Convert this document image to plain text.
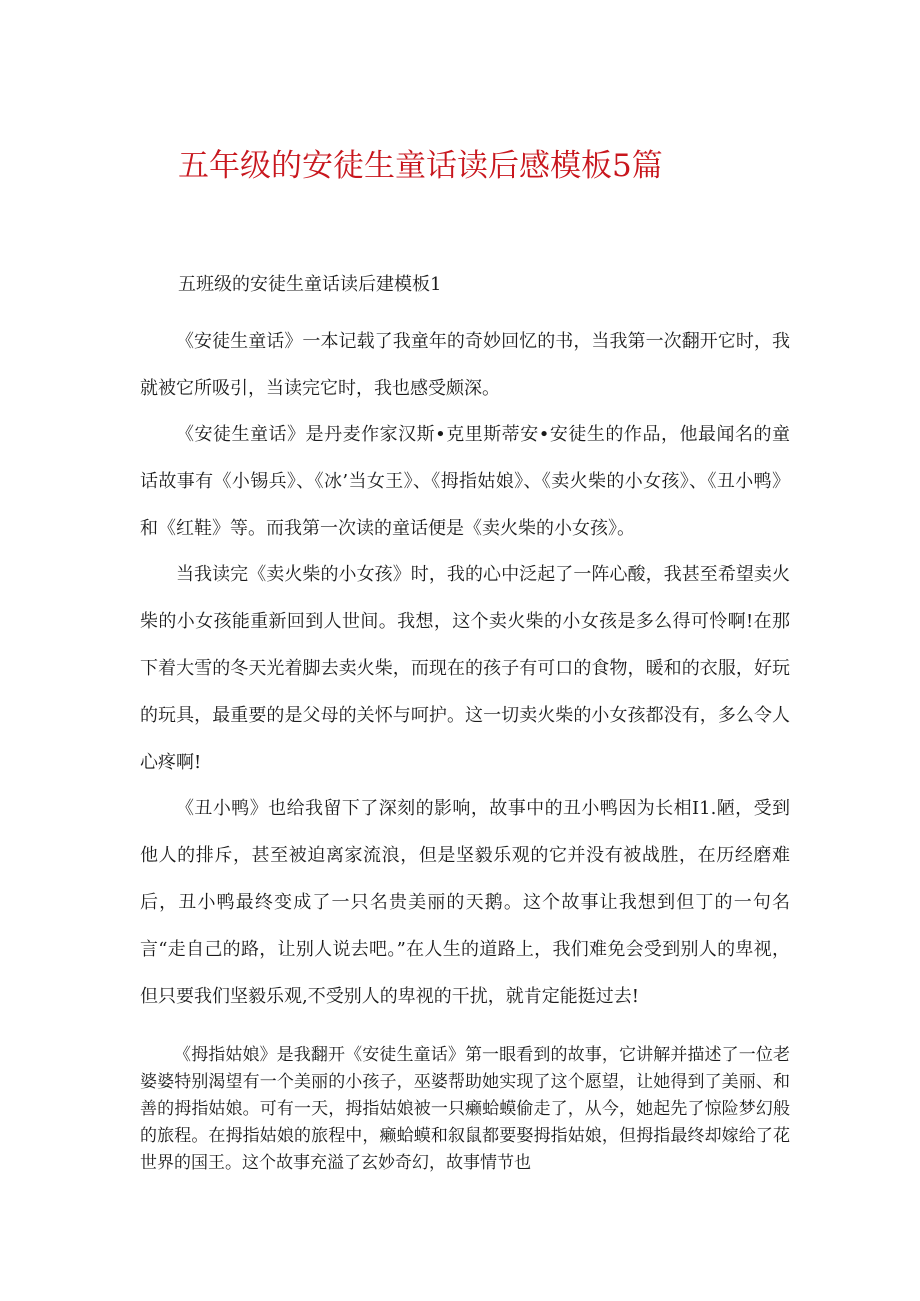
五年级的安徒生童话读后感模板5篇
五班级的安徒生童话读后建模板1

《安徒生童话》一本记载了我童年的奇妙回忆的书，当我第一次翻开它时，我就被它所吸引，当读完它时，我也感受颇深。

《安徒生童话》是丹麦作家汉斯•克里斯蒂安•安徒生的作品，他最闻名的童话故事有《小锡兵》、《冰’当女王》、《拇指姑娘》、《卖火柴的小女孩》、《丑小鸭》和《红鞋》等。而我第一次读的童话便是《卖火柴的小女孩》。

当我读完《卖火柴的小女孩》时，我的心中泛起了一阵心酸，我甚至希望卖火柴的小女孩能重新回到人世间。我想，这个卖火柴的小女孩是多么得可怜啊!在那下着大雪的冬天光着脚去卖火柴，而现在的孩子有可口的食物，暖和的衣服，好玩的玩具，最重要的是父母的关怀与呵护。这一切卖火柴的小女孩都没有，多么令人心疼啊!

《丑小鸭》也给我留下了深刻的影响，故事中的丑小鸭因为长相I1.陋，受到他人的排斥，甚至被迫离家流浪，但是坚毅乐观的它并没有被战胜，在历经磨难后，丑小鸭最终变成了一只名贵美丽的天鹅。这个故事让我想到但丁的一句名言“走自己的路，让别人说去吧。”在人生的道路上，我们难免会受到别人的卑视，但只要我们坚毅乐观,不受别人的卑视的干扰，就肯定能挺过去!

《拇指姑娘》是我翻开《安徒生童话》第一眼看到的故事，它讲解并描述了一位老婆婆特别渴望有一个美丽的小孩子，巫婆帮助她实现了这个愿望，让她得到了美丽、和善的拇指姑娘。可有一天，拇指姑娘被一只癞蛤蟆偷走了，从今，她起先了惊险梦幻般的旅程。在拇指姑娘的旅程中，癞蛤蟆和叙鼠都要娶拇指姑娘，但拇指最终却嫁给了花世界的国王。这个故事充溢了玄妙奇幻，故事情节也
